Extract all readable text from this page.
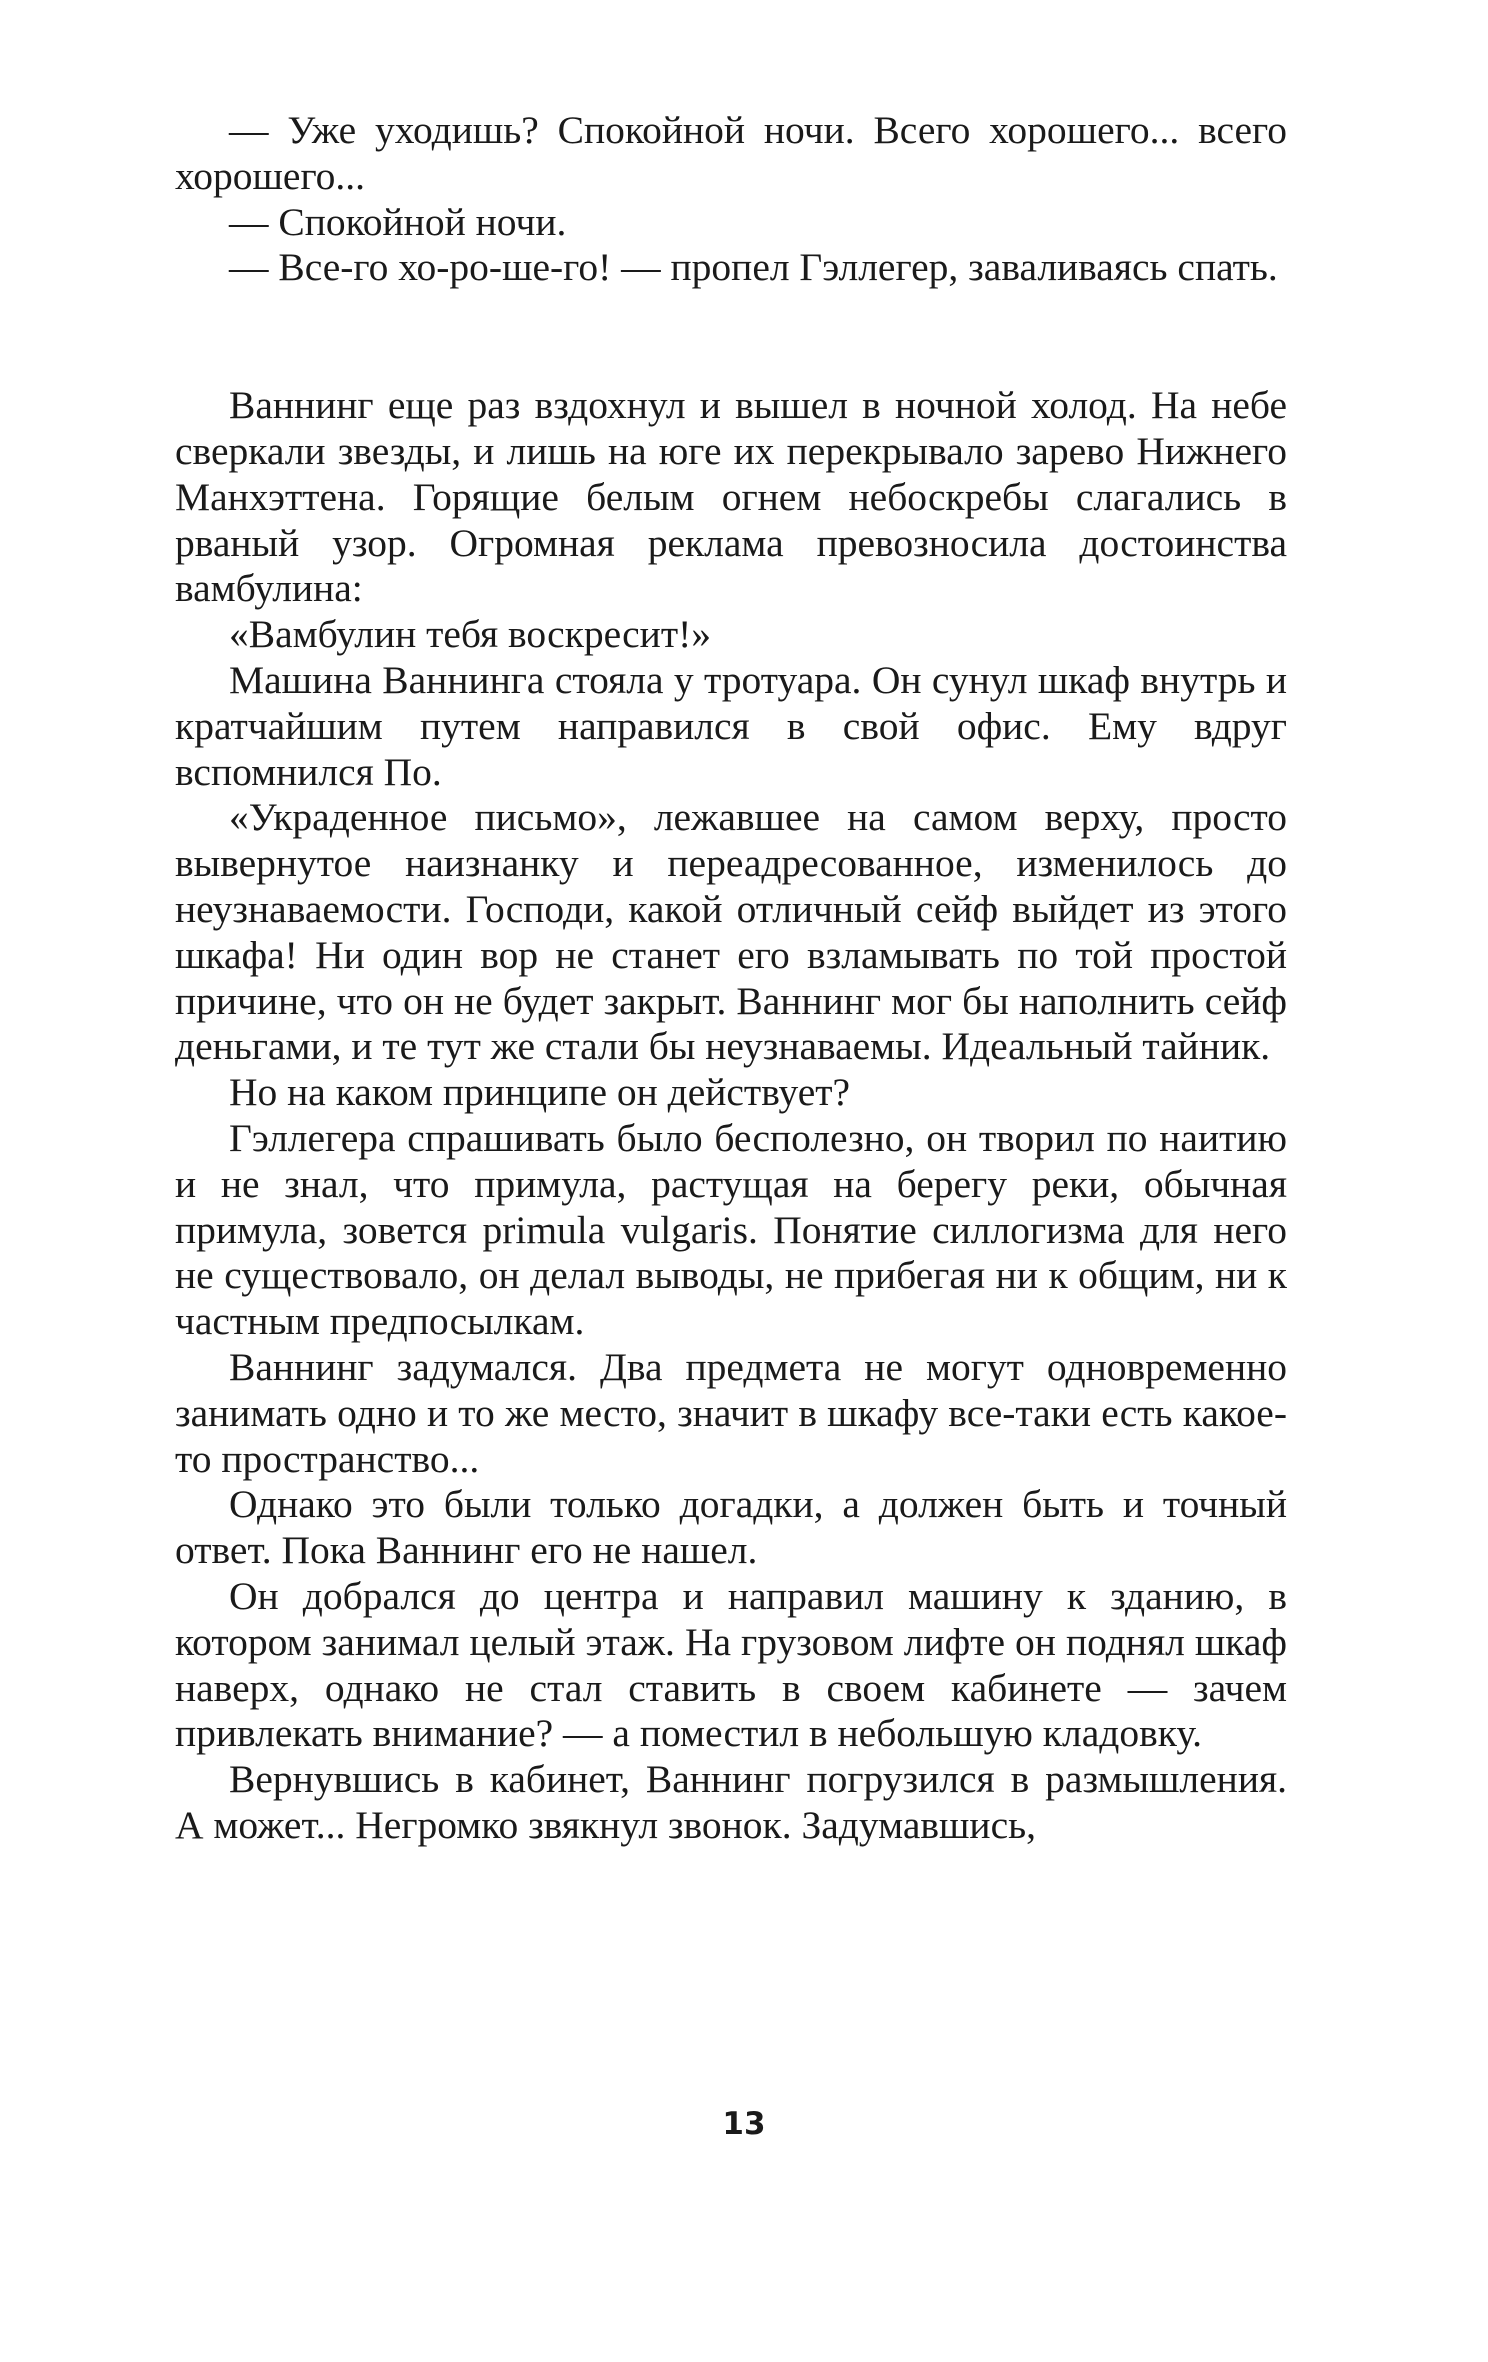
— Уже уходишь? Спокойной ночи. Всего хорошего... всего хорошего...

— Спокойной ночи.

— Все-го хо-ро-ше-го! — пропел Гэллегер, заваливаясь спать.

Ваннинг еще раз вздохнул и вышел в ночной холод. На небе сверкали звезды, и лишь на юге их перекрывало зарево Нижнего Манхэттена. Горящие белым огнем небоскребы слагались в рваный узор. Огромная реклама превозносила достоинства вамбулина:

«Вамбулин тебя воскресит!»

Машина Ваннинга стояла у тротуара. Он сунул шкаф внутрь и кратчайшим путем направился в свой офис. Ему вдруг вспомнился По.

«Украденное письмо», лежавшее на самом верху, просто вывернутое наизнанку и переадресованное, изменилось до неузнаваемости. Господи, какой отличный сейф выйдет из этого шкафа! Ни один вор не станет его взламывать по той простой причине, что он не будет закрыт. Ваннинг мог бы наполнить сейф деньгами, и те тут же стали бы неузнаваемы. Идеальный тайник.

Но на каком принципе он действует?

Гэллегера спрашивать было бесполезно, он творил по наитию и не знал, что примула, растущая на берегу реки, обычная примула, зовется primula vulgaris. Понятие силлогизма для него не существовало, он делал выводы, не прибегая ни к общим, ни к частным предпосылкам.

Ваннинг задумался. Два предмета не могут одновременно занимать одно и то же место, значит в шкафу все-таки есть какое-то пространство...

Однако это были только догадки, а должен быть и точный ответ. Пока Ваннинг его не нашел.

Он добрался до центра и направил машину к зданию, в котором занимал целый этаж. На грузовом лифте он поднял шкаф наверх, однако не стал ставить в своем кабинете — зачем привлекать внимание? — а поместил в небольшую кладовку.

Вернувшись в кабинет, Ваннинг погрузился в размышления. А может... Негромко звякнул звонок. Задумавшись,

13
